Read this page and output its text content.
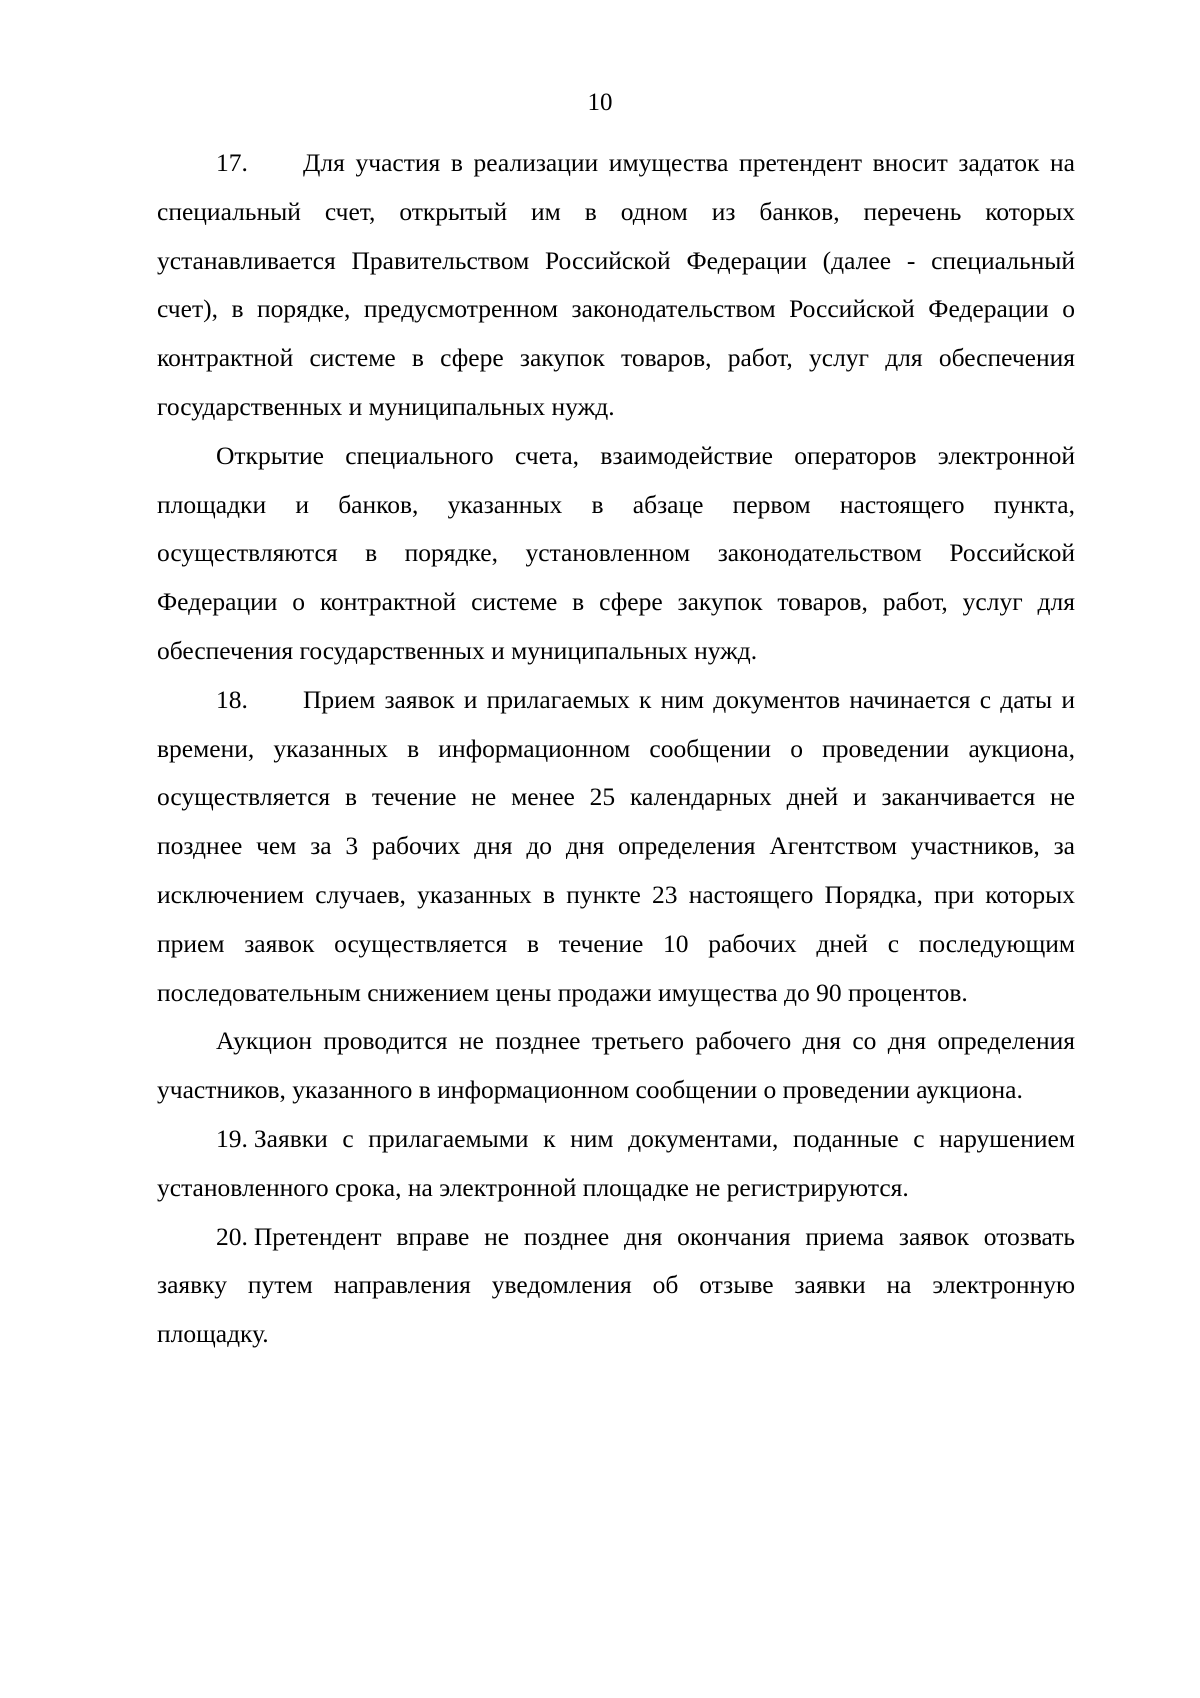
10

17. Для участия в реализации имущества претендент вносит задаток на специальный счет, открытый им в одном из банков, перечень которых устанавливается Правительством Российской Федерации (далее - специальный счет), в порядке, предусмотренном законодательством Российской Федерации о контрактной системе в сфере закупок товаров, работ, услуг для обеспечения государственных и муниципальных нужд.

Открытие специального счета, взаимодействие операторов электронной площадки и банков, указанных в абзаце первом настоящего пункта, осуществляются в порядке, установленном законодательством Российской Федерации о контрактной системе в сфере закупок товаров, работ, услуг для обеспечения государственных и муниципальных нужд.

18. Прием заявок и прилагаемых к ним документов начинается с даты и времени, указанных в информационном сообщении о проведении аукциона, осуществляется в течение не менее 25 календарных дней и заканчивается не позднее чем за 3 рабочих дня до дня определения Агентством участников, за исключением случаев, указанных в пункте 23 настоящего Порядка, при которых прием заявок осуществляется в течение 10 рабочих дней с последующим последовательным снижением цены продажи имущества до 90 процентов.

Аукцион проводится не позднее третьего рабочего дня со дня определения участников, указанного в информационном сообщении о проведении аукциона.

19. Заявки с прилагаемыми к ним документами, поданные с нарушением установленного срока, на электронной площадке не регистрируются.

20. Претендент вправе не позднее дня окончания приема заявок отозвать заявку путем направления уведомления об отзыве заявки на электронную площадку.
